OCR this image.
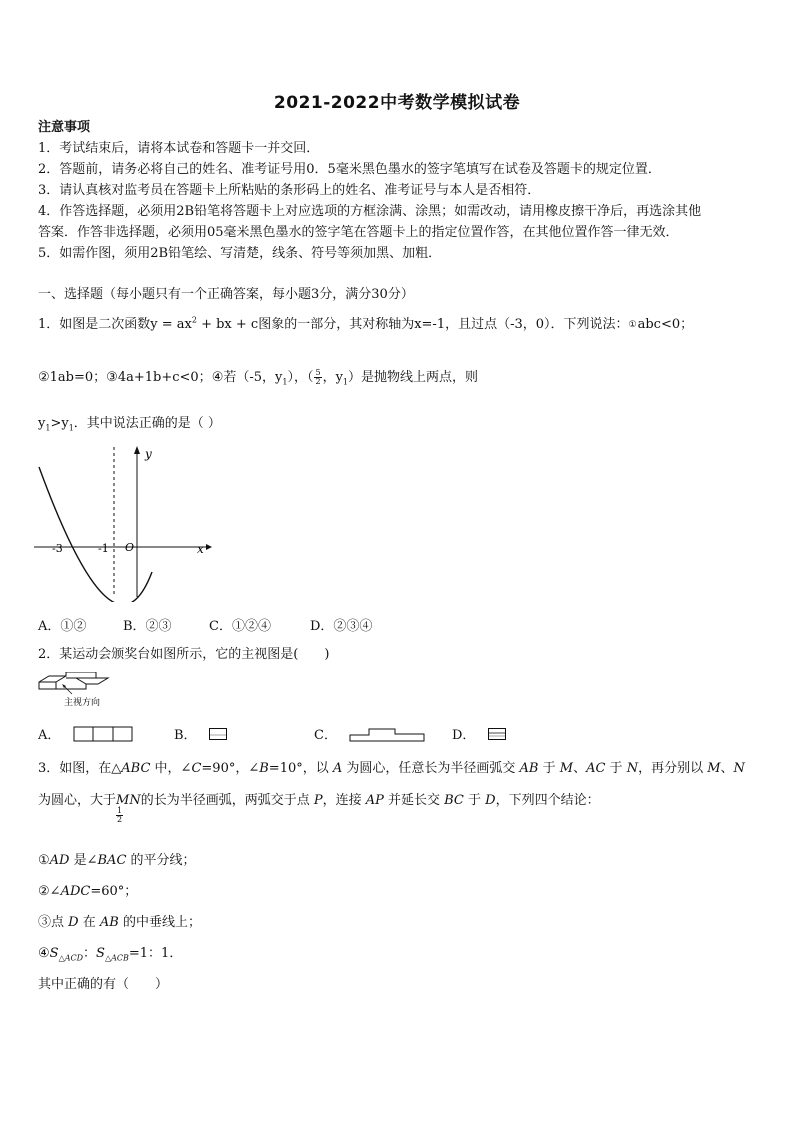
2021-2022中考数学模拟试卷
注意事项
1．考试结束后，请将本试卷和答题卡一并交回．
2．答题前，请务必将自己的姓名、准考证号用0．5毫米黑色墨水的签字笔填写在试卷及答题卡的规定位置．
3．请认真核对监考员在答题卡上所粘贴的条形码上的姓名、准考证号与本人是否相符．
4．作答选择题，必须用2B铅笔将答题卡上对应选项的方框涂满、涂黑；如需改动，请用橡皮擦干净后，再选涂其他
答案．作答非选择题，必须用05毫米黑色墨水的签字笔在答题卡上的指定位置作答，在其他位置作答一律无效．
5．如需作图，须用2B铅笔绘、写清楚，线条、符号等须加黑、加粗．
一、选择题（每小题只有一个正确答案，每小题3分，满分30分）
1．如图是二次函数$y = ax^2$ + bx + c图象的一部分，其对称轴为x=-1，且过点（-3，0）．下列说法：①abc<0；
②1ab=0；③4a+1b+c<0；④若（-5，$y_1$），（ $\frac{5}{2}$ ，$y_1$）是抛物线上两点，则
$y_1>y_1$．其中说法正确的是（ ）
y
x
O
-3	-1
A．①②	B．②③	C．①②④	D．②③④
2．某运动会颁奖台如图所示，它的主视图是(　　)
主视方向
A．	B．	C．	D．
3．如图，在△ABC 中，∠C=90°，∠B=10°，以 A 为圆心，任意长为半径画弧交 AB 于 M、AC 于 N，再分别以 M、N
为圆心，大于MN
$\frac{1}{2}$
的长为半径画弧，两弧交于点 P，连接 AP 并延长交 BC 于 D，下列四个结论：
①AD 是∠BAC 的平分线；
②∠ADC=60°；
③点 D 在 AB 的中垂线上；
$④S_{\triangle ACD}$：$S_{\triangle ACB}=1$：1．
其中正确的有（　　）
